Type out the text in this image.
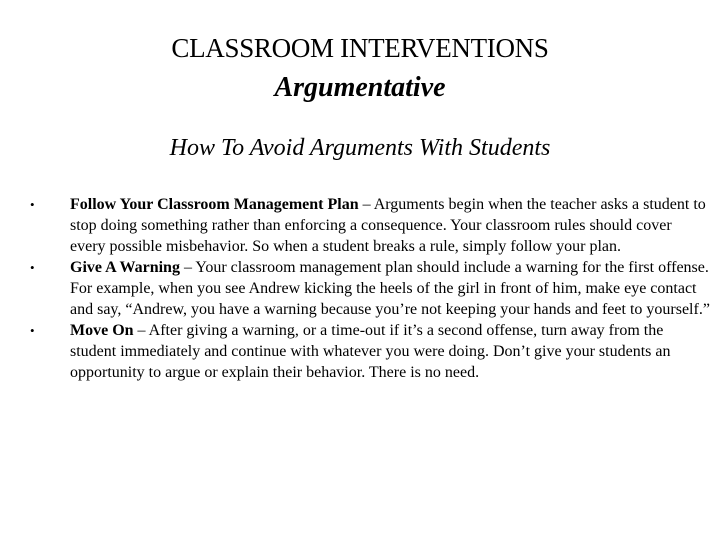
CLASSROOM INTERVENTIONS
Argumentative
How To Avoid Arguments With Students
• Follow Your Classroom Management Plan – Arguments begin when the teacher asks a student to stop doing something rather than enforcing a consequence. Your classroom rules should cover every possible misbehavior. So when a student breaks a rule, simply follow your plan.
• Give A Warning – Your classroom management plan should include a warning for the first offense. For example, when you see Andrew kicking the heels of the girl in front of him, make eye contact and say, “Andrew, you have a warning because you’re not keeping your hands and feet to yourself.”
• Move On – After giving a warning, or a time-out if it’s a second offense, turn away from the student immediately and continue with whatever you were doing. Don’t give your students an opportunity to argue or explain their behavior. There is no need.
